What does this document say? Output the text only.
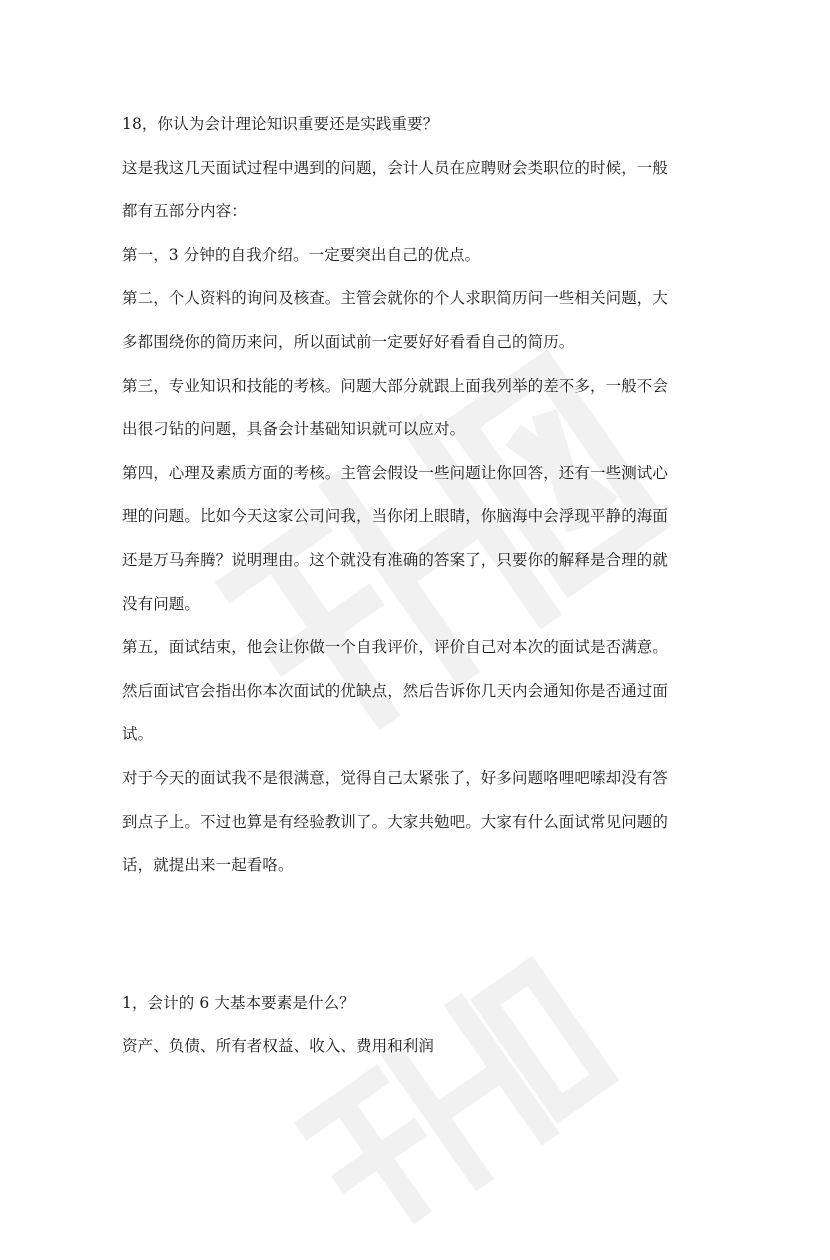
18，你认为会计理论知识重要还是实践重要？
这是我这几天面试过程中遇到的问题，会计人员在应聘财会类职位的时候，一般
都有五部分内容：
第一，3 分钟的自我介绍。一定要突出自己的优点。
第二，个人资料的询问及核查。主管会就你的个人求职简历问一些相关问题，大
多都围绕你的简历来问，所以面试前一定要好好看看自己的简历。
第三，专业知识和技能的考核。问题大部分就跟上面我列举的差不多，一般不会
出很刁钻的问题，具备会计基础知识就可以应对。
第四，心理及素质方面的考核。主管会假设一些问题让你回答，还有一些测试心
理的问题。比如今天这家公司问我，当你闭上眼睛，你脑海中会浮现平静的海面
还是万马奔腾？说明理由。这个就没有准确的答案了，只要你的解释是合理的就
没有问题。
第五，面试结束，他会让你做一个自我评价，评价自己对本次的面试是否满意。
然后面试官会指出你本次面试的优缺点，然后告诉你几天内会通知你是否通过面
试。
对于今天的面试我不是很满意，觉得自己太紧张了，好多问题咯哩吧嗦却没有答
到点子上。不过也算是有经验教训了。大家共勉吧。大家有什么面试常见问题的
话，就提出来一起看咯。
1，会计的 6 大基本要素是什么？
资产、负债、所有者权益、收入、费用和利润
